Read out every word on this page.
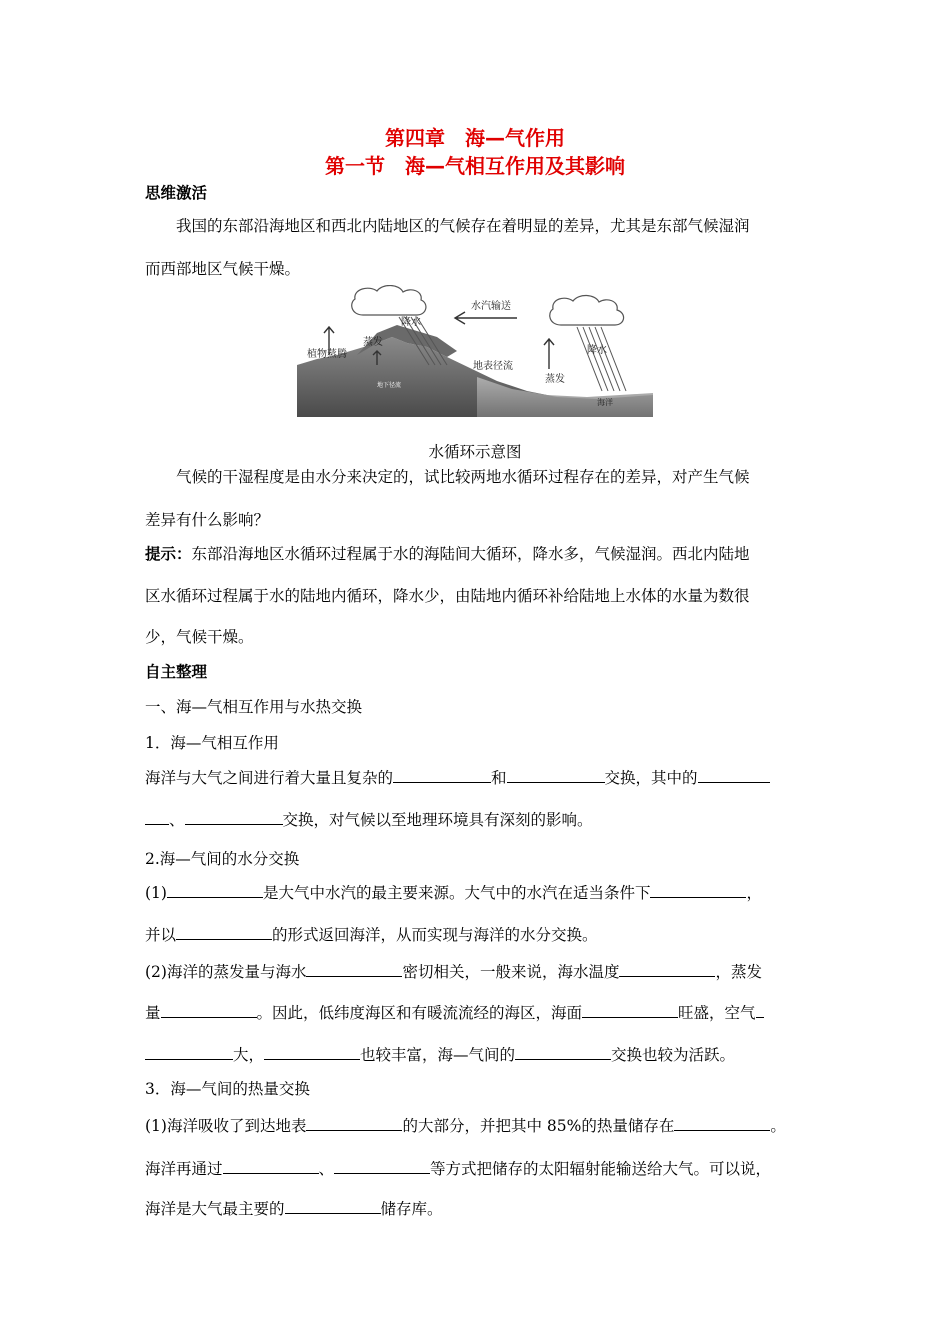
第四章　海—气作用
第一节　海—气相互作用及其影响
思维激活
我国的东部沿海地区和西北内陆地区的气候存在着明显的差异，尤其是东部气候湿润
而西部地区气候干燥。
水汽输送
降水
降水
蒸发
蒸发
植物蒸腾
地表径流
海洋
地下径流
水循环示意图
气候的干湿程度是由水分来决定的，试比较两地水循环过程存在的差异，对产生气候
差异有什么影响？
提示：东部沿海地区水循环过程属于水的海陆间大循环，降水多，气候湿润。西北内陆地
区水循环过程属于水的陆地内循环，降水少，由陆地内循环补给陆地上水体的水量为数很
少，气候干燥。
自主整理
一、海—气相互作用与水热交换
1．海—气相互作用
海洋与大气之间进行着大量且复杂的	和	交换，其中的
、	交换，对气候以至地理环境具有深刻的影响。
2.海—气间的水分交换
(1)	是大气中水汽的最主要来源。大气中的水汽在适当条件下	，
并以	的形式返回海洋，从而实现与海洋的水分交换。
(2)海洋的蒸发量与海水	密切相关，一般来说，海水温度	，蒸发
量	。因此，低纬度海区和有暖流流经的海区，海面	旺盛，空气
大，	也较丰富，海—气间的	交换也较为活跃。
3．海—气间的热量交换
(1)海洋吸收了到达地表	的大部分，并把其中 85%的热量储存在	。
海洋再通过	、	等方式把储存的太阳辐射能输送给大气。可以说，
海洋是大气最主要的	储存库。
